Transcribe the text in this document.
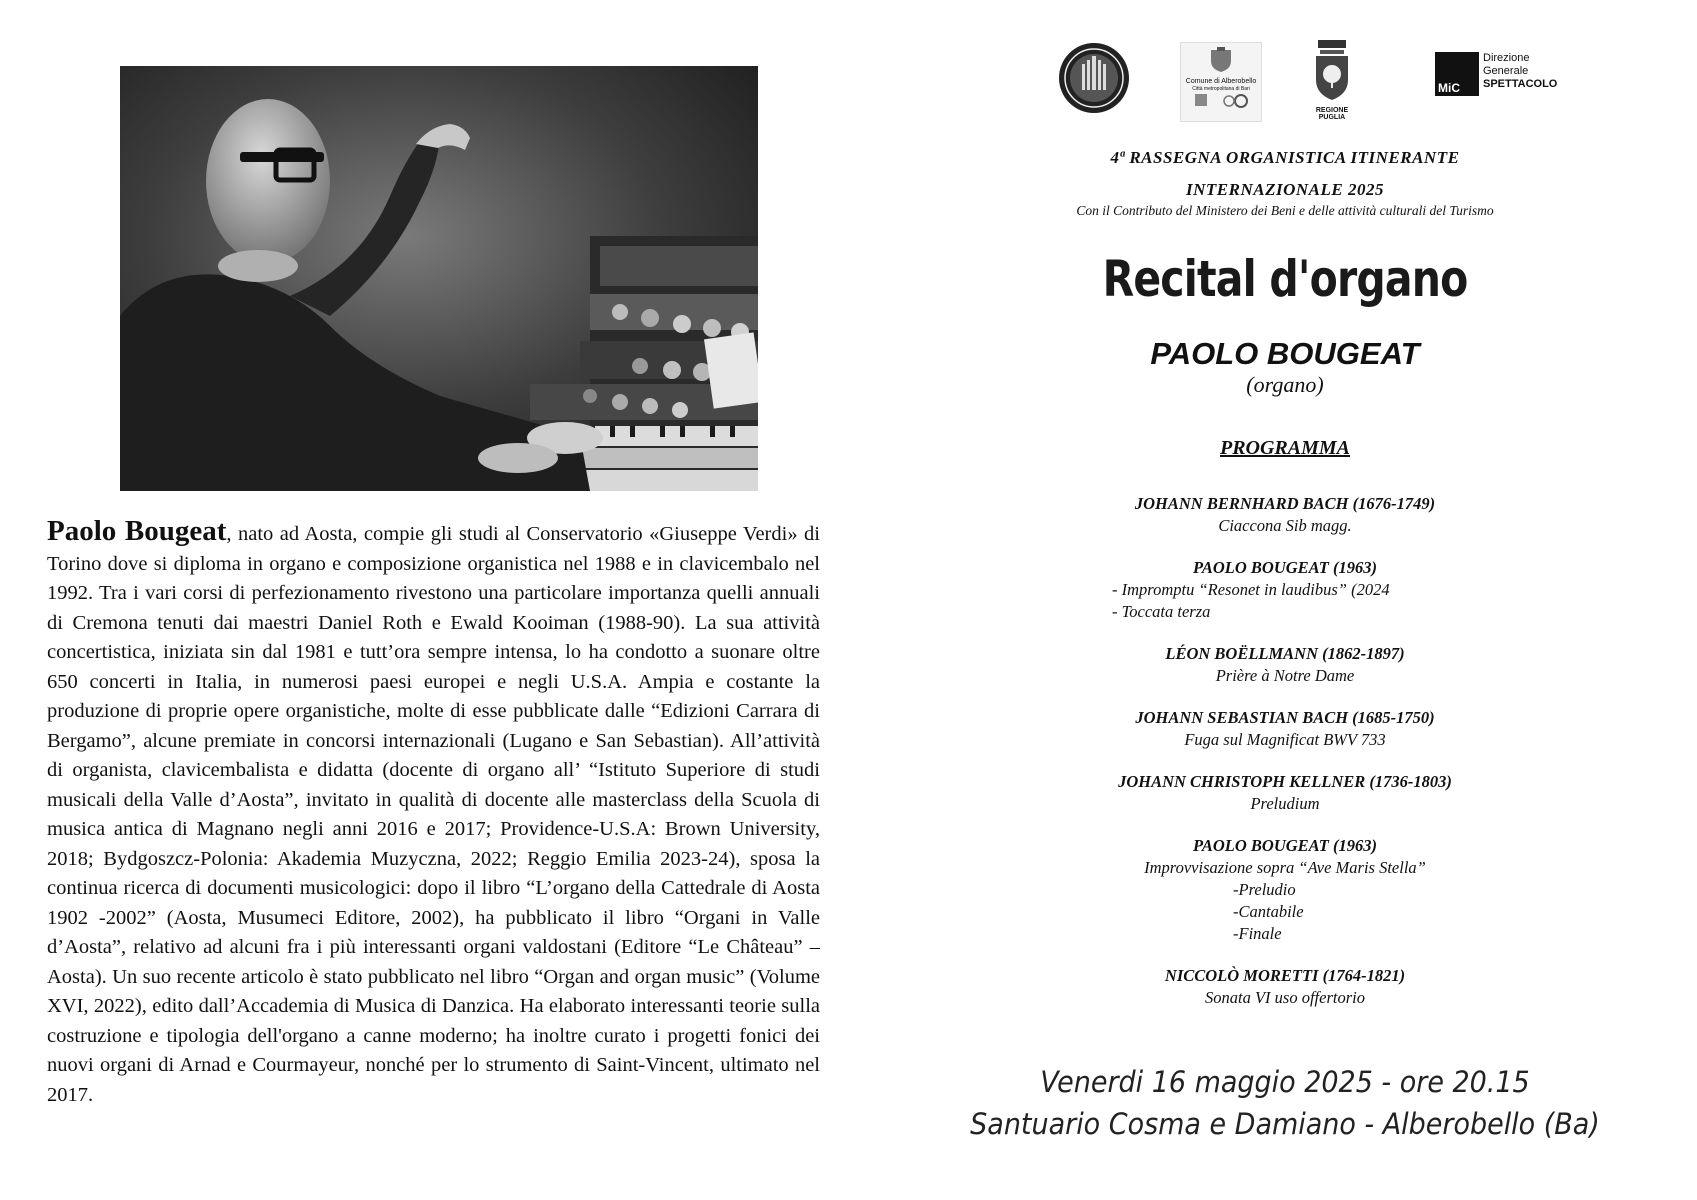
Paolo Bougeat, nato ad Aosta, compie gli studi al Conservatorio «Giuseppe Verdi» di Torino dove si diploma in organo e composizione organistica nel 1988 e in clavicembalo nel 1992. Tra i vari corsi di perfezionamento rivestono una particolare importanza quelli annuali di Cremona tenuti dai maestri Daniel Roth e Ewald Kooiman (1988-90). La sua attività concertistica, iniziata sin dal 1981 e tutt’ora sempre intensa, lo ha condotto a suonare oltre 650 concerti in Italia, in numerosi paesi europei e negli U.S.A. Ampia e costante la produzione di proprie opere organistiche, molte di esse pubblicate dalle “Edizioni Carrara di Bergamo”, alcune premiate in concorsi internazionali (Lugano e San Sebastian). All’attività di organista, clavicembalista e didatta (docente di organo all’ “Istituto Superiore di studi musicali della Valle d’Aosta”, invitato in qualità di docente alle masterclass della Scuola di musica antica di Magnano negli anni 2016 e 2017; Providence-U.S.A: Brown University, 2018; Bydgoszcz-Polonia: Akademia Muzyczna, 2022; Reggio Emilia 2023-24), sposa la continua ricerca di documenti musicologici: dopo il libro “L’organo della Cattedrale di Aosta 1902 -2002” (Aosta, Musumeci Editore, 2002), ha pubblicato il libro “Organi in Valle d’Aosta”, relativo ad alcuni fra i più interessanti organi valdostani (Editore “Le Château” – Aosta). Un suo recente articolo è stato pubblicato nel libro “Organ and organ music” (Volume XVI, 2022), edito dall’Accademia di Musica di Danzica. Ha elaborato interessanti teorie sulla costruzione e tipologia dell'organo a canne moderno; ha inoltre curato i progetti fonici dei nuovi organi di Arnad e Courmayeur, nonché per lo strumento di Saint-Vincent, ultimato nel 2017.

Comune di Alberobello
Città metropolitana di Bari
REGIONE PUGLIA
MiC
Direzione
Generale
SPETTACOLO
4ª RASSEGNA ORGANISTICA ITINERANTE
INTERNAZIONALE 2025
Con il Contributo del Ministero dei Beni e delle attività culturali del Turismo
Recital d'organo
PAOLO BOUGEAT
(organo)
PROGRAMMA
JOHANN BERNHARD BACH (1676-1749)
Ciaccona Sib magg.
PAOLO BOUGEAT (1963)
- Impromptu “Resonet in laudibus” (2024
- Toccata terza
LÉON BOËLLMANN (1862-1897)
Prière à Notre Dame
JOHANN SEBASTIAN BACH (1685-1750)
Fuga sul Magnificat BWV 733
JOHANN CHRISTOPH KELLNER (1736-1803)
Preludium
PAOLO BOUGEAT (1963)
Improvvisazione sopra “Ave Maris Stella”
-Preludio
-Cantabile
-Finale
NICCOLÒ MORETTI (1764-1821)
Sonata VI uso offertorio
Venerdi 16 maggio 2025 - ore 20.15
Santuario Cosma e Damiano - Alberobello (Ba)
